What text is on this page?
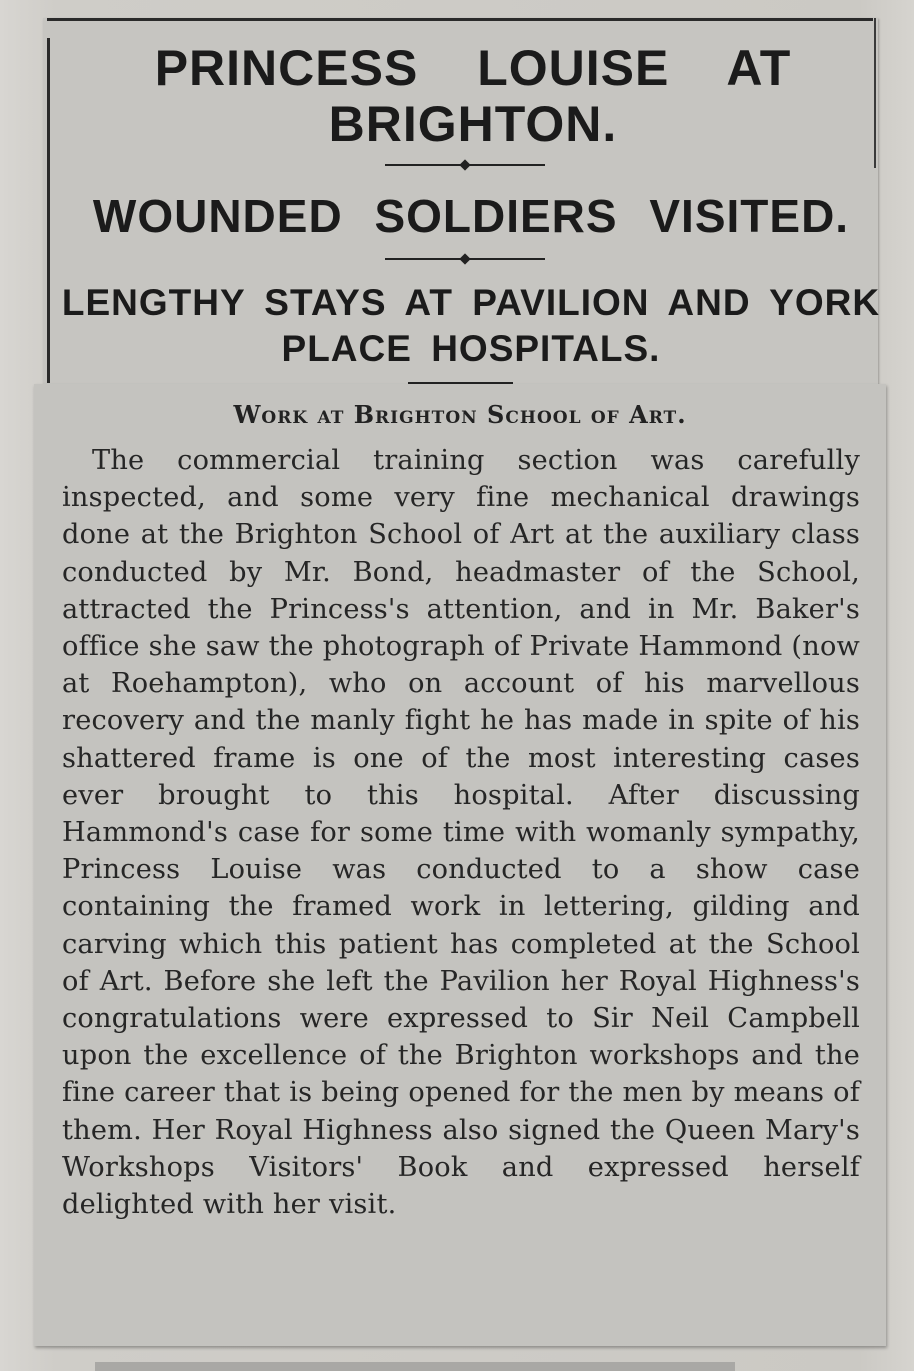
PRINCESS LOUISE AT BRIGHTON.
WOUNDED SOLDIERS VISITED.
LENGTHY STAYS AT PAVILION AND YORK PLACE HOSPITALS.
Work at Brighton School of Art.

The commercial training section was carefully inspected, and some very fine mechanical drawings done at the Brighton School of Art at the auxiliary class conducted by Mr. Bond, headmaster of the School, attracted the Princess's attention, and in Mr. Baker's office she saw the photograph of Private Hammond (now at Roehampton), who on account of his marvellous recovery and the manly fight he has made in spite of his shattered frame is one of the most interesting cases ever brought to this hospital. After discussing Hammond's case for some time with womanly sympathy, Princess Louise was conducted to a show case containing the framed work in lettering, gilding and carving which this patient has completed at the School of Art. Before she left the Pavilion her Royal Highness's congratulations were expressed to Sir Neil Campbell upon the excellence of the Brighton workshops and the fine career that is being opened for the men by means of them. Her Royal Highness also signed the Queen Mary's Workshops Visitors' Book and expressed herself delighted with her visit.
